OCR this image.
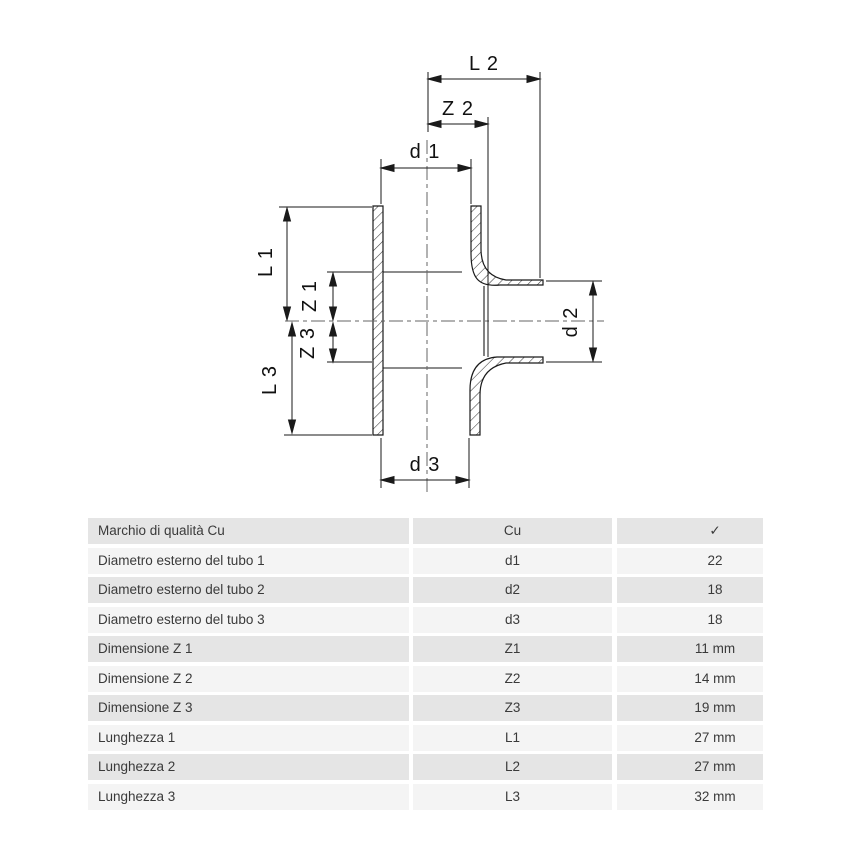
L 2
Z 2
d 1
d 3
L 1
Z 1
Z 3
L 3
d 2
Marchio di qualità Cu	Cu	✓
Diametro esterno del tubo 1	d1	22
Diametro esterno del tubo 2	d2	18
Diametro esterno del tubo 3	d3	18
Dimensione Z 1	Z1	11 mm
Dimensione Z 2	Z2	14 mm
Dimensione Z 3	Z3	19 mm
Lunghezza 1	L1	27 mm
Lunghezza 2	L2	27 mm
Lunghezza 3	L3	32 mm
